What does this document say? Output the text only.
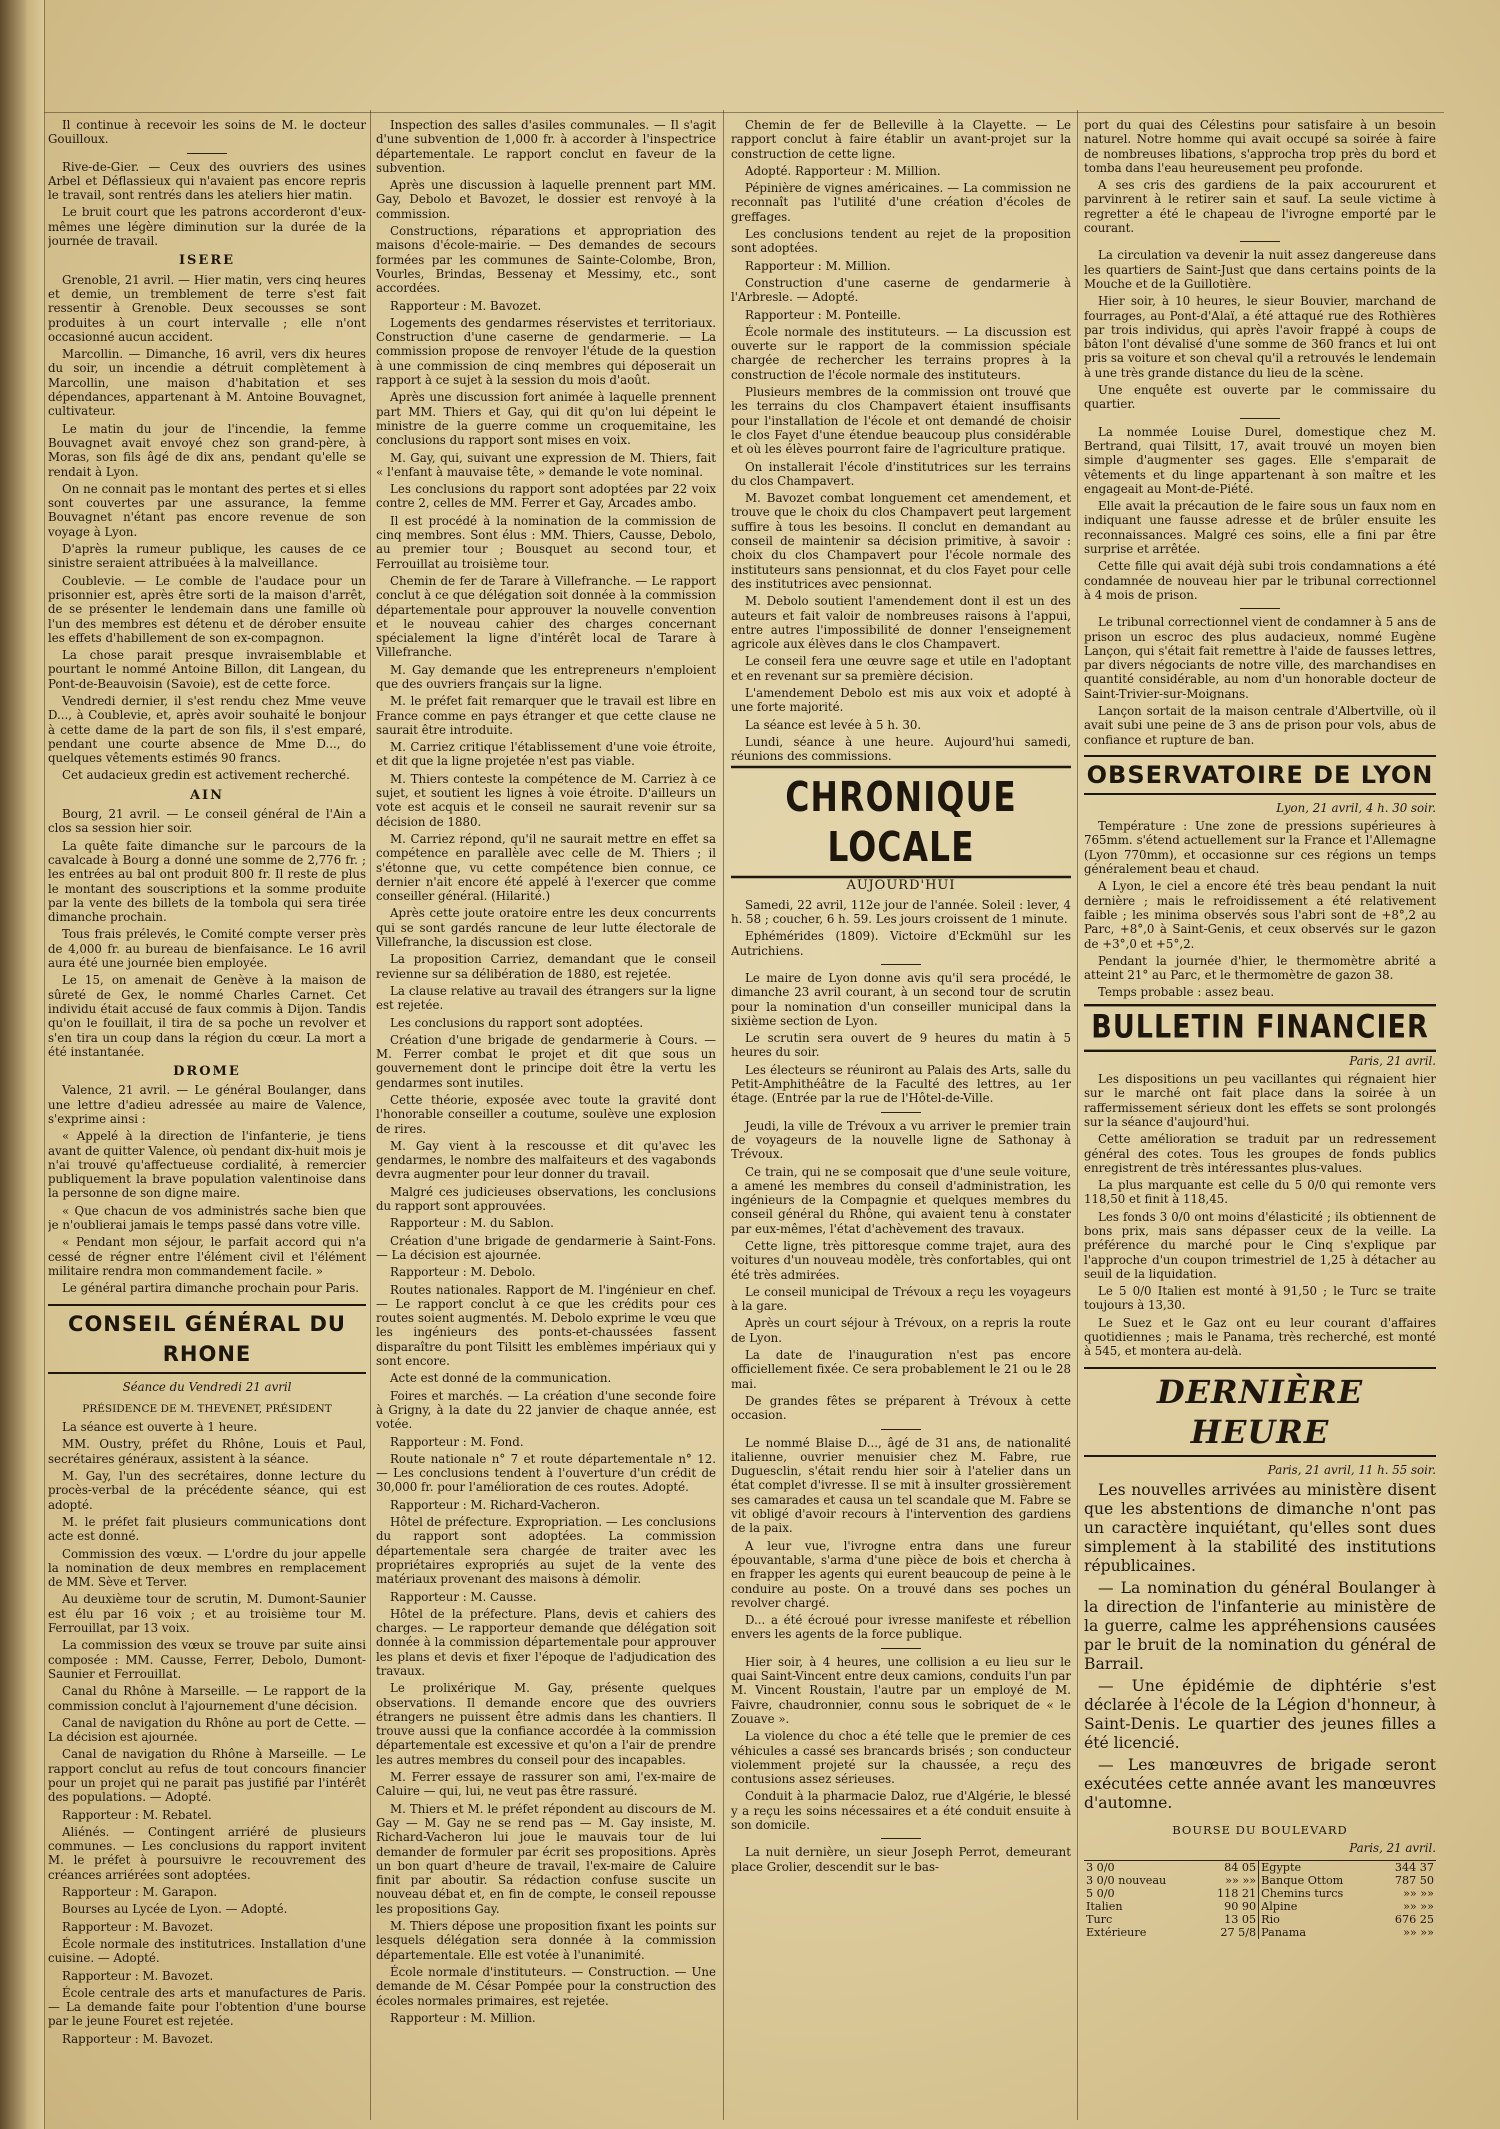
Il continue à recevoir les soins de M. le docteur Gouilloux.

Rive-de-Gier. — Ceux des ouvriers des usines Arbel et Déflassieux qui n'avaient pas encore repris le travail, sont rentrés dans les ateliers hier matin.

Le bruit court que les patrons accorderont d'eux-mêmes une légère diminution sur la durée de la journée de travail.

ISERE

Grenoble, 21 avril. — Hier matin, vers cinq heures et demie, un tremblement de terre s'est fait ressentir à Grenoble. Deux secousses se sont produites à un court intervalle ; elle n'ont occasionné aucun accident.

Marcollin. — Dimanche, 16 avril, vers dix heures du soir, un incendie a détruit complètement à Marcollin, une maison d'habitation et ses dépendances, appartenant à M. Antoine Bouvagnet, cultivateur.

Le matin du jour de l'incendie, la femme Bouvagnet avait envoyé chez son grand-père, à Moras, son fils âgé de dix ans, pendant qu'elle se rendait à Lyon.

On ne connait pas le montant des pertes et si elles sont couvertes par une assurance, la femme Bouvagnet n'étant pas encore revenue de son voyage à Lyon.

D'après la rumeur publique, les causes de ce sinistre seraient attribuées à la malveillance.

Coublevie. — Le comble de l'audace pour un prisonnier est, après être sorti de la maison d'arrêt, de se présenter le lendemain dans une famille où l'un des membres est détenu et de dérober ensuite les effets d'habillement de son ex-compagnon.

La chose parait presque invraisemblable et pourtant le nommé Antoine Billon, dit Langean, du Pont-de-Beauvoisin (Savoie), est de cette force.

Vendredi dernier, il s'est rendu chez Mme veuve D..., à Coublevie, et, après avoir souhaité le bonjour à cette dame de la part de son fils, il s'est emparé, pendant une courte absence de Mme D..., do quelques vêtements estimés 90 francs.

Cet audacieux gredin est activement recherché.

AIN

Bourg, 21 avril. — Le conseil général de l'Ain a clos sa session hier soir.

La quête faite dimanche sur le parcours de la cavalcade à Bourg a donné une somme de 2,776 fr. ; les entrées au bal ont produit 800 fr. Il reste de plus le montant des souscriptions et la somme produite par la vente des billets de la tombola qui sera tirée dimanche prochain.

Tous frais prélevés, le Comité compte verser près de 4,000 fr. au bureau de bienfaisance. Le 16 avril aura été une journée bien employée.

Le 15, on amenait de Genève à la maison de sûreté de Gex, le nommé Charles Carnet. Cet individu était accusé de faux commis à Dijon. Tandis qu'on le fouillait, il tira de sa poche un revolver et s'en tira un coup dans la région du cœur. La mort a été instantanée.

DROME

Valence, 21 avril. — Le général Boulanger, dans une lettre d'adieu adressée au maire de Valence, s'exprime ainsi :

« Appelé à la direction de l'infanterie, je tiens avant de quitter Valence, où pendant dix-huit mois je n'ai trouvé qu'affectueuse cordialité, à remercier publiquement la brave population valentinoise dans la personne de son digne maire.

« Que chacun de vos administrés sache bien que je n'oublierai jamais le temps passé dans votre ville.

« Pendant mon séjour, le parfait accord qui n'a cessé de régner entre l'élément civil et l'élément militaire rendra mon commandement facile. »

Le général partira dimanche prochain pour Paris.

CONSEIL GÉNÉRAL DU RHONE
Séance du Vendredi 21 avril
PRÉSIDENCE DE M. THEVENET, PRÉSIDENT

La séance est ouverte à 1 heure.

MM. Oustry, préfet du Rhône, Louis et Paul, secrétaires généraux, assistent à la séance.

M. Gay, l'un des secrétaires, donne lecture du procès-verbal de la précédente séance, qui est adopté.

M. le préfet fait plusieurs communications dont acte est donné.

Commission des vœux. — L'ordre du jour appelle la nomination de deux membres en remplacement de MM. Sève et Terver.

Au deuxième tour de scrutin, M. Dumont-Saunier est élu par 16 voix ; et au troisième tour M. Ferrouillat, par 13 voix.

La commission des vœux se trouve par suite ainsi composée : MM. Causse, Ferrer, Debolo, Dumont-Saunier et Ferrouillat.

Canal du Rhône à Marseille. — Le rapport de la commission conclut à l'ajournement d'une décision.

Canal de navigation du Rhône au port de Cette. — La décision est ajournée.

Canal de navigation du Rhône à Marseille. — Le rapport conclut au refus de tout concours financier pour un projet qui ne parait pas justifié par l'intérêt des populations. — Adopté.

Rapporteur : M. Rebatel.

Aliénés. — Contingent arriéré de plusieurs communes. — Les conclusions du rapport invitent M. le préfet à poursuivre le recouvrement des créances arriérées sont adoptées.

Rapporteur : M. Garapon.

Bourses au Lycée de Lyon. — Adopté.

Rapporteur : M. Bavozet.

École normale des institutrices. Installation d'une cuisine. — Adopté.

Rapporteur : M. Bavozet.

École centrale des arts et manufactures de Paris. — La demande faite pour l'obtention d'une bourse par le jeune Fouret est rejetée.

Rapporteur : M. Bavozet.

Inspection des salles d'asiles communales. — Il s'agit d'une subvention de 1,000 fr. à accorder à l'inspectrice départementale. Le rapport conclut en faveur de la subvention.

Après une discussion à laquelle prennent part MM. Gay, Debolo et Bavozet, le dossier est renvoyé à la commission.

Constructions, réparations et appropriation des maisons d'école-mairie. — Des demandes de secours formées par les communes de Sainte-Colombe, Bron, Vourles, Brindas, Bessenay et Messimy, etc., sont accordées.

Rapporteur : M. Bavozet.

Logements des gendarmes réservistes et territoriaux. Construction d'une caserne de gendarmerie. — La commission propose de renvoyer l'étude de la question à une commission de cinq membres qui déposerait un rapport à ce sujet à la session du mois d'août.

Après une discussion fort animée à laquelle prennent part MM. Thiers et Gay, qui dit qu'on lui dépeint le ministre de la guerre comme un croquemitaine, les conclusions du rapport sont mises en voix.

M. Gay, qui, suivant une expression de M. Thiers, fait « l'enfant à mauvaise tête, » demande le vote nominal.

Les conclusions du rapport sont adoptées par 22 voix contre 2, celles de MM. Ferrer et Gay, Arcades ambo.

Il est procédé à la nomination de la commission de cinq membres. Sont élus : MM. Thiers, Causse, Debolo, au premier tour ; Bousquet au second tour, et Ferrouillat au troisième tour.

Chemin de fer de Tarare à Villefranche. — Le rapport conclut à ce que délégation soit donnée à la commission départementale pour approuver la nouvelle convention et le nouveau cahier des charges concernant spécialement la ligne d'intérêt local de Tarare à Villefranche.

M. Gay demande que les entrepreneurs n'emploient que des ouvriers français sur la ligne.

M. le préfet fait remarquer que le travail est libre en France comme en pays étranger et que cette clause ne saurait être introduite.

M. Carriez critique l'établissement d'une voie étroite, et dit que la ligne projetée n'est pas viable.

M. Thiers conteste la compétence de M. Carriez à ce sujet, et soutient les lignes à voie étroite. D'ailleurs un vote est acquis et le conseil ne saurait revenir sur sa décision de 1880.

M. Carriez répond, qu'il ne saurait mettre en effet sa compétence en parallèle avec celle de M. Thiers ; il s'étonne que, vu cette compétence bien connue, ce dernier n'ait encore été appelé à l'exercer que comme conseiller général. (Hilarité.)

Après cette joute oratoire entre les deux concurrents qui se sont gardés rancune de leur lutte électorale de Villefranche, la discussion est close.

La proposition Carriez, demandant que le conseil revienne sur sa délibération de 1880, est rejetée.

La clause relative au travail des étrangers sur la ligne est rejetée.

Les conclusions du rapport sont adoptées.

Création d'une brigade de gendarmerie à Cours. — M. Ferrer combat le projet et dit que sous un gouvernement dont le principe doit être la vertu les gendarmes sont inutiles.

Cette théorie, exposée avec toute la gravité dont l'honorable conseiller a coutume, soulève une explosion de rires.

M. Gay vient à la rescousse et dit qu'avec les gendarmes, le nombre des malfaiteurs et des vagabonds devra augmenter pour leur donner du travail.

Malgré ces judicieuses observations, les conclusions du rapport sont approuvées.

Rapporteur : M. du Sablon.

Création d'une brigade de gendarmerie à Saint-Fons. — La décision est ajournée.

Rapporteur : M. Debolo.

Routes nationales. Rapport de M. l'ingénieur en chef. — Le rapport conclut à ce que les crédits pour ces routes soient augmentés. M. Debolo exprime le vœu que les ingénieurs des ponts-et-chaussées fassent disparaître du pont Tilsitt les emblèmes impériaux qui y sont encore.

Acte est donné de la communication.

Foires et marchés. — La création d'une seconde foire à Grigny, à la date du 22 janvier de chaque année, est votée.

Rapporteur : M. Fond.

Route nationale n° 7 et route départementale n° 12. — Les conclusions tendent à l'ouverture d'un crédit de 30,000 fr. pour l'amélioration de ces routes. Adopté.

Rapporteur : M. Richard-Vacheron.

Hôtel de préfecture. Expropriation. — Les conclusions du rapport sont adoptées. La commission départementale sera chargée de traiter avec les propriétaires expropriés au sujet de la vente des matériaux provenant des maisons à démolir.

Rapporteur : M. Causse.

Hôtel de la préfecture. Plans, devis et cahiers des charges. — Le rapporteur demande que délégation soit donnée à la commission départementale pour approuver les plans et devis et fixer l'époque de l'adjudication des travaux.

Le prolixérique M. Gay, présente quelques observations. Il demande encore que des ouvriers étrangers ne puissent être admis dans les chantiers. Il trouve aussi que la confiance accordée à la commission départementale est excessive et qu'on a l'air de prendre les autres membres du conseil pour des incapables.

M. Ferrer essaye de rassurer son ami, l'ex-maire de Caluire — qui, lui, ne veut pas être rassuré.

M. Thiers et M. le préfet répondent au discours de M. Gay — M. Gay ne se rend pas — M. Gay insiste, M. Richard-Vacheron lui joue le mauvais tour de lui demander de formuler par écrit ses propositions. Après un bon quart d'heure de travail, l'ex-maire de Caluire finit par aboutir. Sa rédaction confuse suscite un nouveau débat et, en fin de compte, le conseil repousse les propositions Gay.

M. Thiers dépose une proposition fixant les points sur lesquels délégation sera donnée à la commission départementale. Elle est votée à l'unanimité.

École normale d'instituteurs. — Construction. — Une demande de M. César Pompée pour la construction des écoles normales primaires, est rejetée.

Rapporteur : M. Million.

Chemin de fer de Belleville à la Clayette. — Le rapport conclut à faire établir un avant-projet sur la construction de cette ligne.

Adopté. Rapporteur : M. Million.

Pépinière de vignes américaines. — La commission ne reconnaît pas l'utilité d'une création d'écoles de greffages.

Les conclusions tendent au rejet de la proposition sont adoptées.

Rapporteur : M. Million.

Construction d'une caserne de gendarmerie à l'Arbresle. — Adopté.

Rapporteur : M. Ponteille.

École normale des instituteurs. — La discussion est ouverte sur le rapport de la commission spéciale chargée de rechercher les terrains propres à la construction de l'école normale des instituteurs.

Plusieurs membres de la commission ont trouvé que les terrains du clos Champavert étaient insuffisants pour l'installation de l'école et ont demandé de choisir le clos Fayet d'une étendue beaucoup plus considérable et où les élèves pourront faire de l'agriculture pratique.

On installerait l'école d'institutrices sur les terrains du clos Champavert.

M. Bavozet combat longuement cet amendement, et trouve que le choix du clos Champavert peut largement suffire à tous les besoins. Il conclut en demandant au conseil de maintenir sa décision primitive, à savoir : choix du clos Champavert pour l'école normale des instituteurs sans pensionnat, et du clos Fayet pour celle des institutrices avec pensionnat.

M. Debolo soutient l'amendement dont il est un des auteurs et fait valoir de nombreuses raisons à l'appui, entre autres l'impossibilité de donner l'enseignement agricole aux élèves dans le clos Champavert.

Le conseil fera une œuvre sage et utile en l'adoptant et en revenant sur sa première décision.

L'amendement Debolo est mis aux voix et adopté à une forte majorité.

La séance est levée à 5 h. 30.

Lundi, séance à une heure. Aujourd'hui samedi, réunions des commissions.

CHRONIQUE LOCALE
AUJOURD'HUI

Samedi, 22 avril, 112e jour de l'année. Soleil : lever, 4 h. 58 ; coucher, 6 h. 59. Les jours croissent de 1 minute.

Ephémérides (1809). Victoire d'Eckmühl sur les Autrichiens.

Le maire de Lyon donne avis qu'il sera procédé, le dimanche 23 avril courant, à un second tour de scrutin pour la nomination d'un conseiller municipal dans la sixième section de Lyon.

Le scrutin sera ouvert de 9 heures du matin à 5 heures du soir.

Les électeurs se réuniront au Palais des Arts, salle du Petit-Amphithéâtre de la Faculté des lettres, au 1er étage. (Entrée par la rue de l'Hôtel-de-Ville.

Jeudi, la ville de Trévoux a vu arriver le premier train de voyageurs de la nouvelle ligne de Sathonay à Trévoux.

Ce train, qui ne se composait que d'une seule voiture, a amené les membres du conseil d'administration, les ingénieurs de la Compagnie et quelques membres du conseil général du Rhône, qui avaient tenu à constater par eux-mêmes, l'état d'achèvement des travaux.

Cette ligne, très pittoresque comme trajet, aura des voitures d'un nouveau modèle, très confortables, qui ont été très admirées.

Le conseil municipal de Trévoux a reçu les voyageurs à la gare.

Après un court séjour à Trévoux, on a repris la route de Lyon.

La date de l'inauguration n'est pas encore officiellement fixée. Ce sera probablement le 21 ou le 28 mai.

De grandes fêtes se préparent à Trévoux à cette occasion.

Le nommé Blaise D..., âgé de 31 ans, de nationalité italienne, ouvrier menuisier chez M. Fabre, rue Duguesclin, s'était rendu hier soir à l'atelier dans un état complet d'ivresse. Il se mit à insulter grossièrement ses camarades et causa un tel scandale que M. Fabre se vit obligé d'avoir recours à l'intervention des gardiens de la paix.

A leur vue, l'ivrogne entra dans une fureur épouvantable, s'arma d'une pièce de bois et chercha à en frapper les agents qui eurent beaucoup de peine à le conduire au poste. On a trouvé dans ses poches un revolver chargé.

D... a été écroué pour ivresse manifeste et rébellion envers les agents de la force publique.

Hier soir, à 4 heures, une collision a eu lieu sur le quai Saint-Vincent entre deux camions, conduits l'un par M. Vincent Roustain, l'autre par un employé de M. Faivre, chaudronnier, connu sous le sobriquet de « le Zouave ».

La violence du choc a été telle que le premier de ces véhicules a cassé ses brancards brisés ; son conducteur violemment projeté sur la chaussée, a reçu des contusions assez sérieuses.

Conduit à la pharmacie Daloz, rue d'Algérie, le blessé y a reçu les soins nécessaires et a été conduit ensuite à son domicile.

La nuit dernière, un sieur Joseph Perrot, demeurant place Grolier, descendit sur le bas-

port du quai des Célestins pour satisfaire à un besoin naturel. Notre homme qui avait occupé sa soirée à faire de nombreuses libations, s'approcha trop près du bord et tomba dans l'eau heureusement peu profonde.

A ses cris des gardiens de la paix accoururent et parvinrent à le retirer sain et sauf. La seule victime à regretter a été le chapeau de l'ivrogne emporté par le courant.

La circulation va devenir la nuit assez dangereuse dans les quartiers de Saint-Just que dans certains points de la Mouche et de la Guillotière.

Hier soir, à 10 heures, le sieur Bouvier, marchand de fourrages, au Pont-d'Alaï, a été attaqué rue des Rothières par trois individus, qui après l'avoir frappé à coups de bâton l'ont dévalisé d'une somme de 360 francs et lui ont pris sa voiture et son cheval qu'il a retrouvés le lendemain à une très grande distance du lieu de la scène.

Une enquête est ouverte par le commissaire du quartier.

La nommée Louise Durel, domestique chez M. Bertrand, quai Tilsitt, 17, avait trouvé un moyen bien simple d'augmenter ses gages. Elle s'emparait de vêtements et du linge appartenant à son maître et les engageait au Mont-de-Piété.

Elle avait la précaution de le faire sous un faux nom en indiquant une fausse adresse et de brûler ensuite les reconnaissances. Malgré ces soins, elle a fini par être surprise et arrêtée.

Cette fille qui avait déjà subi trois condamnations a été condamnée de nouveau hier par le tribunal correctionnel à 4 mois de prison.

Le tribunal correctionnel vient de condamner à 5 ans de prison un escroc des plus audacieux, nommé Eugène Lançon, qui s'était fait remettre à l'aide de fausses lettres, par divers négociants de notre ville, des marchandises en quantité considérable, au nom d'un honorable docteur de Saint-Trivier-sur-Moignans.

Lançon sortait de la maison centrale d'Albertville, où il avait subi une peine de 3 ans de prison pour vols, abus de confiance et rupture de ban.

OBSERVATOIRE DE LYON
Lyon, 21 avril, 4 h. 30 soir.

Température : Une zone de pressions supérieures à 765mm. s'étend actuellement sur la France et l'Allemagne (Lyon 770mm), et occasionne sur ces régions un temps généralement beau et chaud.

A Lyon, le ciel a encore été très beau pendant la nuit dernière ; mais le refroidissement a été relativement faible ; les minima observés sous l'abri sont de +8°,2 au Parc, +8°,0 à Saint-Genis, et ceux observés sur le gazon de +3°,0 et +5°,2.

Pendant la journée d'hier, le thermomètre abrité a atteint 21° au Parc, et le thermomètre de gazon 38.

Temps probable : assez beau.

BULLETIN FINANCIER
Paris, 21 avril.

Les dispositions un peu vacillantes qui régnaient hier sur le marché ont fait place dans la soirée à un raffermissement sérieux dont les effets se sont prolongés sur la séance d'aujourd'hui.

Cette amélioration se traduit par un redressement général des cotes. Tous les groupes de fonds publics enregistrent de très intéressantes plus-values.

La plus marquante est celle du 5 0/0 qui remonte vers 118,50 et finit à 118,45.

Les fonds 3 0/0 ont moins d'élasticité ; ils obtiennent de bons prix, mais sans dépasser ceux de la veille. La préférence du marché pour le Cinq s'explique par l'approche d'un coupon trimestriel de 1,25 à détacher au seuil de la liquidation.

Le 5 0/0 Italien est monté à 91,50 ; le Turc se traite toujours à 13,30.

Le Suez et le Gaz ont eu leur courant d'affaires quotidiennes ; mais le Panama, très recherché, est monté à 545, et montera au-delà.

DERNIÈRE HEURE
Paris, 21 avril, 11 h. 55 soir.

Les nouvelles arrivées au ministère disent que les abstentions de dimanche n'ont pas un caractère inquiétant, qu'elles sont dues simplement à la stabilité des institutions républicaines.

— La nomination du général Boulanger à la direction de l'infanterie au ministère de la guerre, calme les appréhensions causées par le bruit de la nomination du général de Barrail.

— Une épidémie de diphtérie s'est déclarée à l'école de la Légion d'honneur, à Saint-Denis. Le quartier des jeunes filles a été licencié.

— Les manœuvres de brigade seront exécutées cette année avant les manœuvres d'automne.

BOURSE DU BOULEVARD
Paris, 21 avril.
3 0/0	84 05	Egypte	344 37
3 0/0 nouveau	»» »»	Banque Ottom	787 50
5 0/0	118 21	Chemins turcs	»» »»
Italien	90 90	Alpine	»» »»
Turc	13 05	Rio	676 25
Extérieure	27 5/8	Panama	»» »»
